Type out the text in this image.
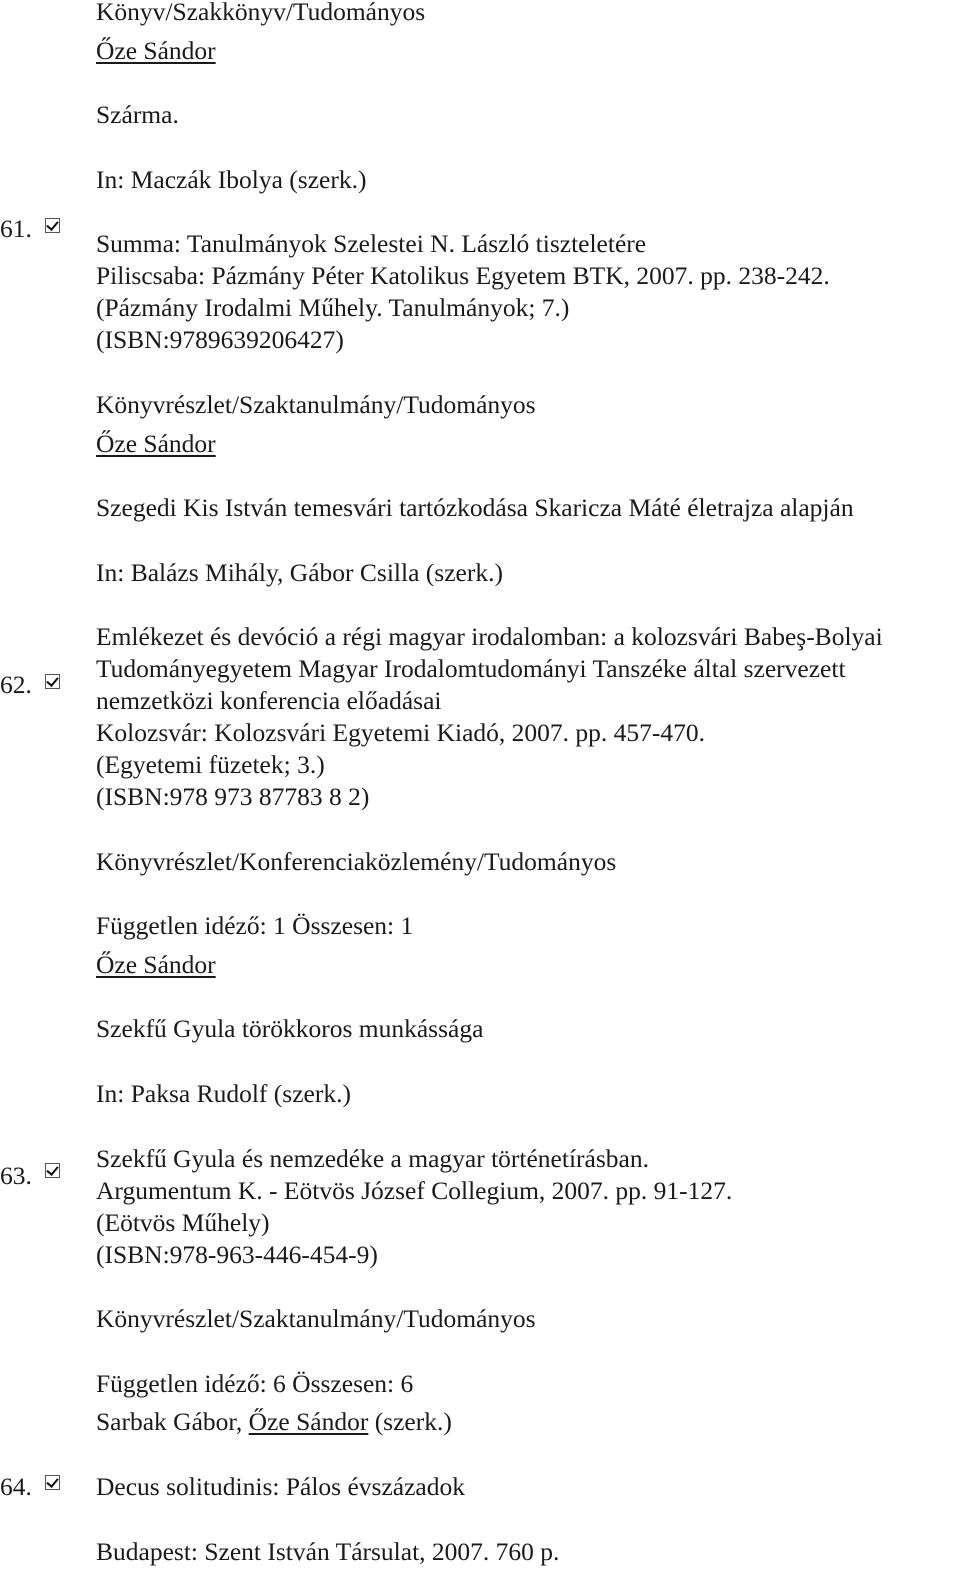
Könyv/Szakkönyv/Tudományos
Őze Sándor
Szárma.
In: Maczák Ibolya (szerk.)
61.
Summa: Tanulmányok Szelestei N. László tiszteletére
Piliscsaba: Pázmány Péter Katolikus Egyetem BTK, 2007. pp. 238-242.
(Pázmány Irodalmi Műhely. Tanulmányok; 7.)
(ISBN:9789639206427)
Könyvrészlet/Szaktanulmány/Tudományos
Őze Sándor
Szegedi Kis István temesvári tartózkodása Skaricza Máté életrajza alapján
In: Balázs Mihály, Gábor Csilla (szerk.)
Emlékezet és devóció a régi magyar irodalomban: a kolozsvári Babeş-Bolyai
Tudományegyetem Magyar Irodalomtudományi Tanszéke által szervezett
62.
nemzetközi konferencia előadásai
Kolozsvár: Kolozsvári Egyetemi Kiadó, 2007. pp. 457-470.
(Egyetemi füzetek; 3.)
(ISBN:978 973 87783 8 2)
Könyvrészlet/Konferenciaközlemény/Tudományos
Független idéző: 1 Összesen: 1
Őze Sándor
Szekfű Gyula törökkoros munkássága
In: Paksa Rudolf (szerk.)
Szekfű Gyula és nemzedéke a magyar történetírásban.
63.
Argumentum K. - Eötvös József Collegium, 2007. pp. 91-127.
(Eötvös Műhely)
(ISBN:978-963-446-454-9)
Könyvrészlet/Szaktanulmány/Tudományos
Független idéző: 6 Összesen: 6
Sarbak Gábor, Őze Sándor (szerk.)
64.	Decus solitudinis: Pálos évszázadok
Budapest: Szent István Társulat, 2007. 760 p.
